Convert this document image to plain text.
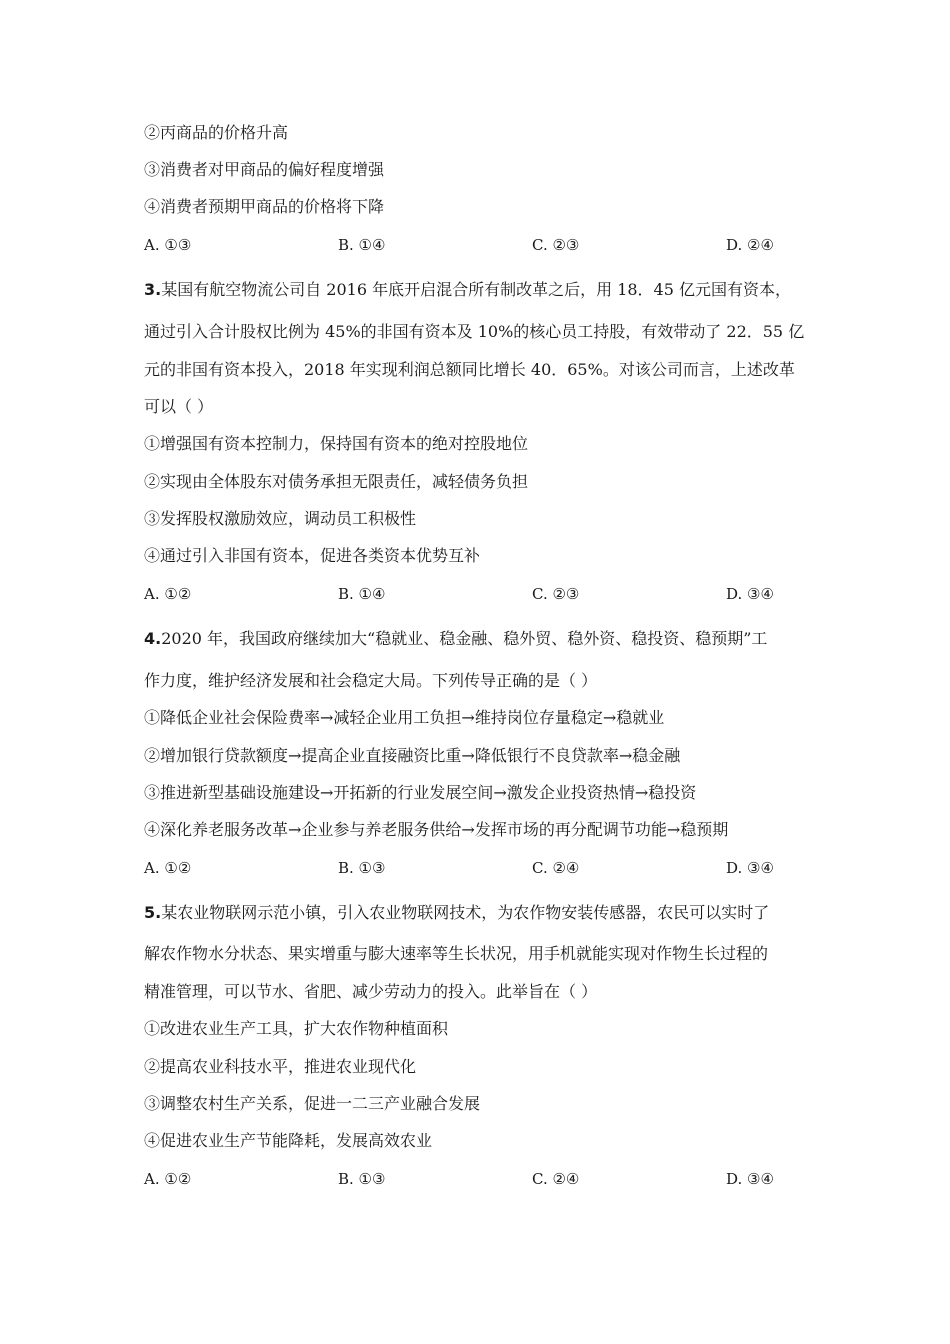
②丙商品的价格升高
③消费者对甲商品的偏好程度增强
④消费者预期甲商品的价格将下降
A. ①③	B. ①④	C. ②③	D. ②④
3.某国有航空物流公司自 2016 年底开启混合所有制改革之后，用 18．45 亿元国有资本，
通过引入合计股权比例为 45%的非国有资本及 10%的核心员工持股，有效带动了 22．55 亿
元的非国有资本投入，2018 年实现利润总额同比增长 40．65%。对该公司而言，上述改革
可以（ ）
①增强国有资本控制力，保持国有资本的绝对控股地位
②实现由全体股东对债务承担无限责任，减轻债务负担
③发挥股权激励效应，调动员工积极性
④通过引入非国有资本，促进各类资本优势互补
A. ①②	B. ①④	C. ②③	D. ③④
4.2020 年，我国政府继续加大“稳就业、稳金融、稳外贸、稳外资、稳投资、稳预期”工
作力度，维护经济发展和社会稳定大局。下列传导正确的是（ ）
①降低企业社会保险费率→减轻企业用工负担→维持岗位存量稳定→稳就业
②增加银行贷款额度→提高企业直接融资比重→降低银行不良贷款率→稳金融
③推进新型基础设施建设→开拓新的行业发展空间→激发企业投资热情→稳投资
④深化养老服务改革→企业参与养老服务供给→发挥市场的再分配调节功能→稳预期
A. ①②	B. ①③	C. ②④	D. ③④
5.某农业物联网示范小镇，引入农业物联网技术，为农作物安装传感器，农民可以实时了
解农作物水分状态、果实增重与膨大速率等生长状况，用手机就能实现对作物生长过程的
精准管理，可以节水、省肥、减少劳动力的投入。此举旨在（ ）
①改进农业生产工具，扩大农作物种植面积
②提高农业科技水平，推进农业现代化
③调整农村生产关系，促进一二三产业融合发展
④促进农业生产节能降耗，发展高效农业
A. ①②	B. ①③	C. ②④	D. ③④
